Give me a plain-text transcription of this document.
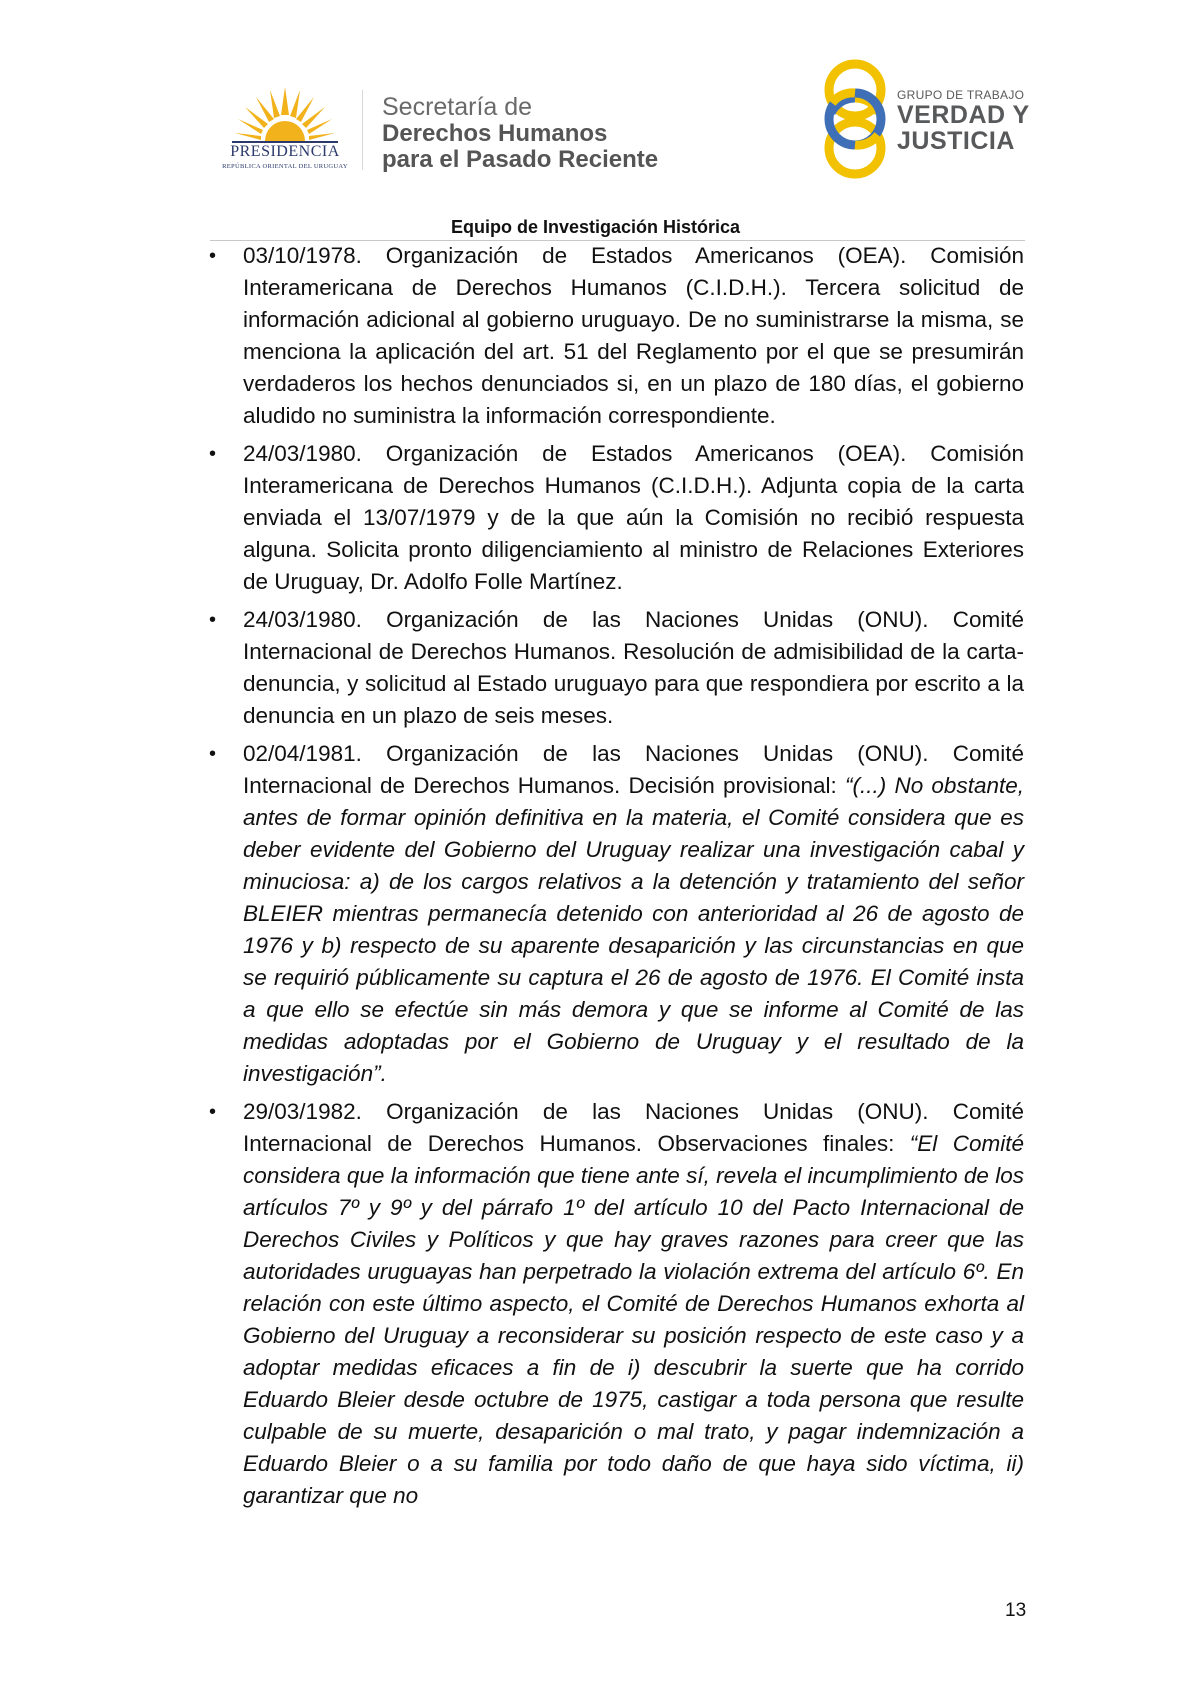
PRESIDENCIA
REPÚBLICA ORIENTAL DEL URUGUAY
Secretaría de
Derechos Humanos
para el Pasado Reciente
GRUPO DE TRABAJO
VERDAD Y
JUSTICIA
Equipo de Investigación Histórica
• 03/10/1978. Organización de Estados Americanos (OEA). Comisión Interamericana de Derechos Humanos (C.I.D.H.). Tercera solicitud de información adicional al gobierno uruguayo. De no suministrarse la misma, se menciona la aplicación del art. 51 del Reglamento por el que se presumirán verdaderos los hechos denunciados si, en un plazo de 180 días, el gobierno aludido no suministra la información correspondiente.

• 24/03/1980. Organización de Estados Americanos (OEA). Comisión Interamericana de Derechos Humanos (C.I.D.H.). Adjunta copia de la carta enviada el 13/07/1979 y de la que aún la Comisión no recibió respuesta alguna. Solicita pronto diligenciamiento al ministro de Relaciones Exteriores de Uruguay, Dr. Adolfo Folle Martínez.

• 24/03/1980. Organización de las Naciones Unidas (ONU). Comité Internacional de Derechos Humanos. Resolución de admisibilidad de la carta-denuncia, y solicitud al Estado uruguayo para que respondiera por escrito a la denuncia en un plazo de seis meses.

• 02/04/1981. Organización de las Naciones Unidas (ONU). Comité Internacional de Derechos Humanos. Decisión provisional: “(...) No obstante, antes de formar opinión definitiva en la materia, el Comité considera que es deber evidente del Gobierno del Uruguay realizar una investigación cabal y minuciosa: a) de los cargos relativos a la detención y tratamiento del señor BLEIER mientras permanecía detenido con anterioridad al 26 de agosto de 1976 y b) respecto de su aparente desaparición y las circunstancias en que se requirió públicamente su captura el 26 de agosto de 1976. El Comité insta a que ello se efectúe sin más demora y que se informe al Comité de las medidas adoptadas por el Gobierno de Uruguay y el resultado de la investigación”.

• 29/03/1982. Organización de las Naciones Unidas (ONU). Comité Internacional de Derechos Humanos. Observaciones finales: “El Comité considera que la información que tiene ante sí, revela el incumplimiento de los artículos 7º y 9º y del párrafo 1º del artículo 10 del Pacto Internacional de Derechos Civiles y Políticos y que hay graves razones para creer que las autoridades uruguayas han perpetrado la violación extrema del artículo 6º. En relación con este último aspecto, el Comité de Derechos Humanos exhorta al Gobierno del Uruguay a reconsiderar su posición respecto de este caso y a adoptar medidas eficaces a fin de i) descubrir la suerte que ha corrido Eduardo Bleier desde octubre de 1975, castigar a toda persona que resulte culpable de su muerte, desaparición o mal trato, y pagar indemnización a Eduardo Bleier o a su familia por todo daño de que haya sido víctima, ii) garantizar que no

13
